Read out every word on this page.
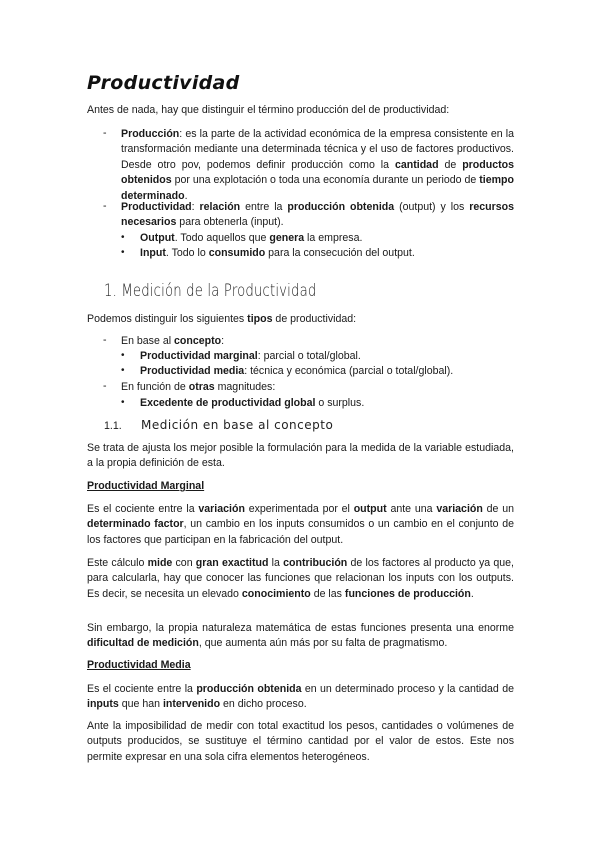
Productividad
Antes de nada, hay que distinguir el término producción del de productividad:
- Producción: es la parte de la actividad económica de la empresa consistente en la transformación mediante una determinada técnica y el uso de factores productivos. Desde otro pov, podemos definir producción como la cantidad de productos obtenidos por una explotación o toda una economía durante un periodo de tiempo determinado.
- Productividad: relación entre la producción obtenida (output) y los recursos necesarios para obtenerla (input).
• Output. Todo aquellos que genera la empresa.
• Input. Todo lo consumido para la consecución del output.
1. Medición de la Productividad
Podemos distinguir los siguientes tipos de productividad:
- En base al concepto:
• Productividad marginal: parcial o total/global.
• Productividad media: técnica y económica (parcial o total/global).
- En función de otras magnitudes:
• Excedente de productividad global o surplus.
1.1. Medición en base al concepto
Se trata de ajusta los mejor posible la formulación para la medida de la variable estudiada, a la propia definición de esta.
Productividad Marginal
Es el cociente entre la variación experimentada por el output ante una variación de un determinado factor, un cambio en los inputs consumidos o un cambio en el conjunto de los factores que participan en la fabricación del output.
Este cálculo mide con gran exactitud la contribución de los factores al producto ya que, para calcularla, hay que conocer las funciones que relacionan los inputs con los outputs. Es decir, se necesita un elevado conocimiento de las funciones de producción.
Sin embargo, la propia naturaleza matemática de estas funciones presenta una enorme dificultad de medición, que aumenta aún más por su falta de pragmatismo.
Productividad Media
Es el cociente entre la producción obtenida en un determinado proceso y la cantidad de inputs que han intervenido en dicho proceso.
Ante la imposibilidad de medir con total exactitud los pesos, cantidades o volúmenes de outputs producidos, se sustituye el término cantidad por el valor de estos. Este nos permite expresar en una sola cifra elementos heterogéneos.
